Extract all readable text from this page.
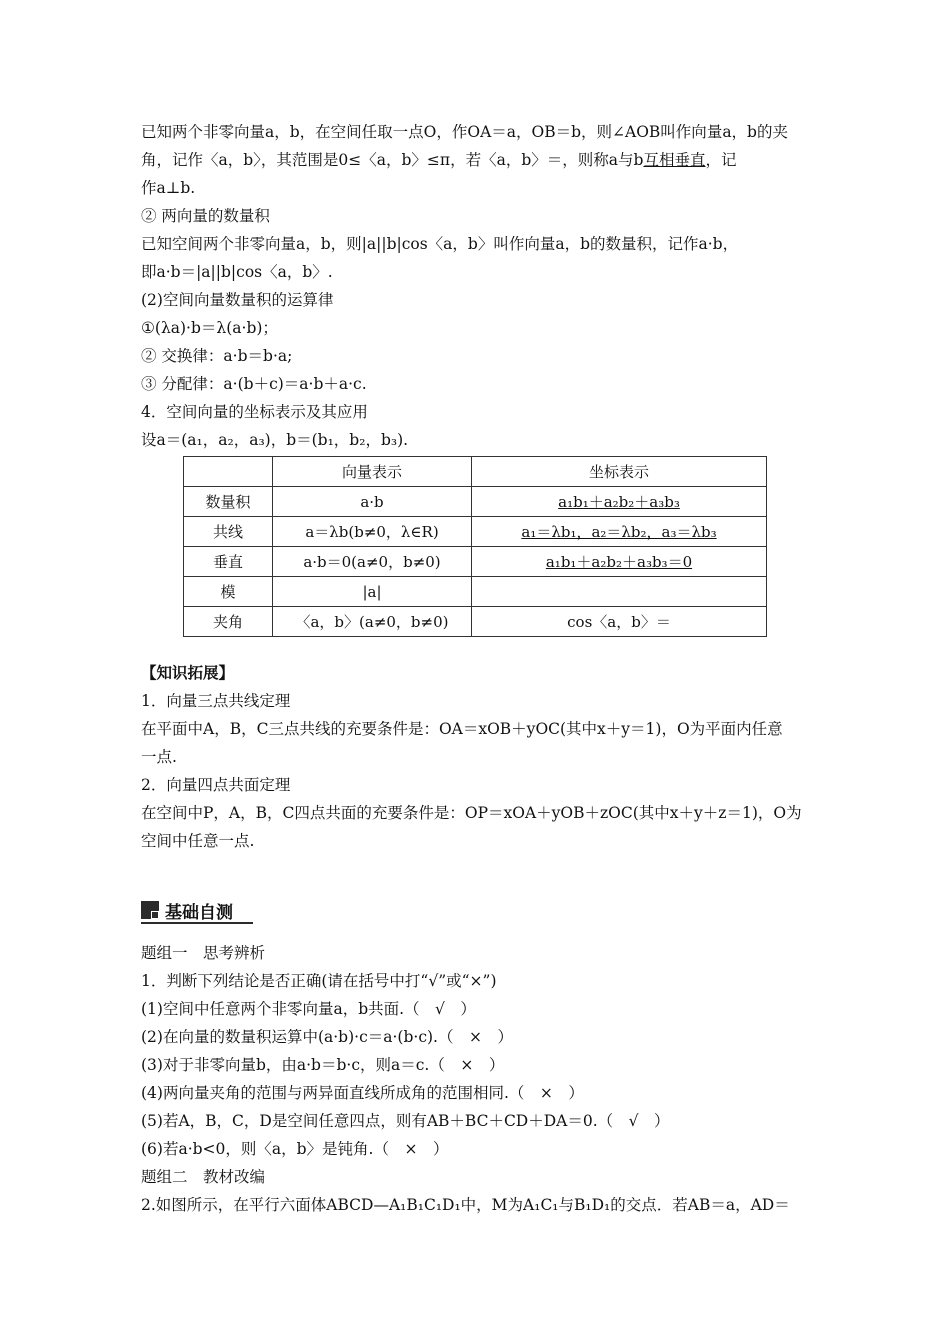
已知两个非零向量a，b，在空间任取一点O，作OA＝a，OB＝b，则∠AOB叫作向量a，b的夹
角，记作〈a，b〉，其范围是0≤〈a，b〉≤π，若〈a，b〉＝，则称a与b互相垂直，记
作a⊥b.
② 两向量的数量积
已知空间两个非零向量a，b，则|a||b|cos〈a，b〉叫作向量a，b的数量积，记作a·b，
即a·b＝|a||b|cos〈a，b〉.
(2)空间向量数量积的运算律
①(λa)·b＝λ(a·b)；
② 交换律：a·b＝b·a;
③ 分配律：a·(b＋c)＝a·b＋a·c.
4．空间向量的坐标表示及其应用
设a＝(a₁，a₂，a₃)，b＝(b₁，b₂，b₃).
	向量表示	坐标表示
数量积	a·b	a₁b₁＋a₂b₂＋a₃b₃
共线	a＝λb(b≠0，λ∈R)	a₁＝λb₁，a₂＝λb₂，a₃＝λb₃
垂直	a·b＝0(a≠0，b≠0)	a₁b₁＋a₂b₂＋a₃b₃＝0
模	|a|	
夹角	〈a，b〉(a≠0，b≠0)	cos〈a，b〉＝
【知识拓展】
1．向量三点共线定理
在平面中A，B，C三点共线的充要条件是：OA＝xOB＋yOC(其中x＋y＝1)，O为平面内任意
一点.
2．向量四点共面定理
在空间中P，A，B，C四点共面的充要条件是：OP＝xOA＋yOB＋zOC(其中x＋y＋z＝1)，O为
空间中任意一点.
基础自测
题组一　思考辨析
1．判断下列结论是否正确(请在括号中打“√”或“×”)
(1)空间中任意两个非零向量a，b共面.（　√　）
(2)在向量的数量积运算中(a·b)·c＝a·(b·c).（　×　）
(3)对于非零向量b，由a·b＝b·c，则a＝c.（　×　）
(4)两向量夹角的范围与两异面直线所成角的范围相同.（　×　）
(5)若A，B，C，D是空间任意四点，则有AB＋BC＋CD＋DA＝0.（　√　）
(6)若a·b<0，则〈a，b〉是钝角.（　×　）
题组二　教材改编
2.如图所示，在平行六面体ABCD—A₁B₁C₁D₁中，M为A₁C₁与B₁D₁的交点．若AB＝a，AD＝
